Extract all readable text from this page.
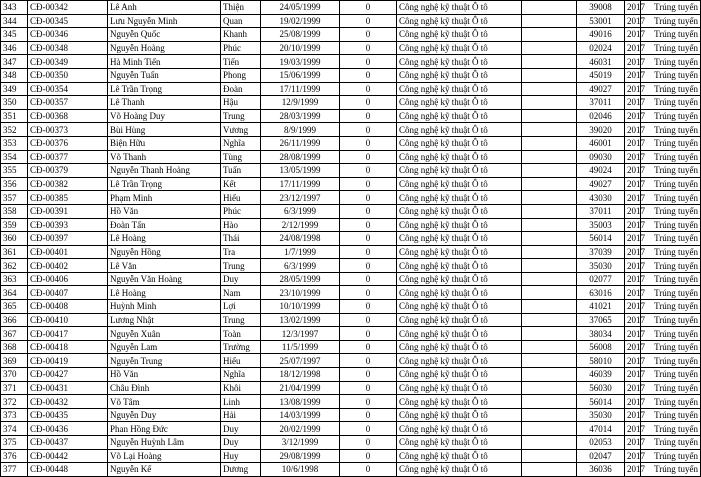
343	CĐ-00342	Lê Anh	Thiện	24/05/1999	0	Công nghệ kỹ thuật Ô tô		39008	2017	Trúng tuyển
344	CĐ-00345	Lưu Nguyễn Minh	Quan	19/02/1999	0	Công nghệ kỹ thuật Ô tô		53001	2017	Trúng tuyển
345	CĐ-00346	Nguyễn Quốc	Khanh	25/08/1999	0	Công nghệ kỹ thuật Ô tô		49016	2017	Trúng tuyển
346	CĐ-00348	Nguyễn Hoàng	Phúc	20/10/1999	0	Công nghệ kỹ thuật Ô tô		02024	2017	Trúng tuyển
347	CĐ-00349	Hà Minh Tiến	Tiến	19/03/1999	0	Công nghệ kỹ thuật Ô tô		46031	2017	Trúng tuyển
348	CĐ-00350	Nguyễn Tuấn	Phong	15/06/1999	0	Công nghệ kỹ thuật Ô tô		45019	2017	Trúng tuyển
349	CĐ-00354	Lê Trần Trọng	Đoàn	17/11/1999	0	Công nghệ kỹ thuật Ô tô		49027	2017	Trúng tuyển
350	CĐ-00357	Lê Thanh	Hậu	12/9/1999	0	Công nghệ kỹ thuật Ô tô		37011	2017	Trúng tuyển
351	CĐ-00368	Võ Hoàng Duy	Trung	28/03/1999	0	Công nghệ kỹ thuật Ô tô		02046	2017	Trúng tuyển
352	CĐ-00373	Bùi Hùng	Vương	8/9/1999	0	Công nghệ kỹ thuật Ô tô		39020	2017	Trúng tuyển
353	CĐ-00376	Biện Hữu	Nghĩa	26/11/1999	0	Công nghệ kỹ thuật Ô tô		46001	2017	Trúng tuyển
354	CĐ-00377	Võ Thanh	Tùng	28/08/1999	0	Công nghệ kỹ thuật Ô tô		09030	2017	Trúng tuyển
355	CĐ-00379	Nguyễn Thanh Hoàng	Tuấn	13/05/1999	0	Công nghệ kỹ thuật Ô tô		49024	2017	Trúng tuyển
356	CĐ-00382	Lê Trần Trọng	Kết	17/11/1999	0	Công nghệ kỹ thuật Ô tô		49027	2017	Trúng tuyển
357	CĐ-00385	Phạm Minh	Hiếu	23/12/1997	0	Công nghệ kỹ thuật Ô tô		43030	2017	Trúng tuyển
358	CĐ-00391	Hồ Văn	Phúc	6/3/1999	0	Công nghệ kỹ thuật Ô tô		37011	2017	Trúng tuyển
359	CĐ-00393	Đoàn Tấn	Hào	2/12/1999	0	Công nghệ kỹ thuật Ô tô		35003	2017	Trúng tuyển
360	CĐ-00397	Lê Hoàng	Thái	24/08/1998	0	Công nghệ kỹ thuật Ô tô		56014	2017	Trúng tuyển
361	CĐ-00401	Nguyễn Hồng	Tra	1/7/1999	0	Công nghệ kỹ thuật Ô tô		37039	2017	Trúng tuyển
362	CĐ-00402	Lê Văn	Trung	6/3/1999	0	Công nghệ kỹ thuật Ô tô		35030	2017	Trúng tuyển
363	CĐ-00406	Nguyễn Văn Hoàng	Duy	28/05/1999	0	Công nghệ kỹ thuật Ô tô		02077	2017	Trúng tuyển
364	CĐ-00407	Lê Hoàng	Nam	23/10/1999	0	Công nghệ kỹ thuật Ô tô		63016	2017	Trúng tuyển
365	CĐ-00408	Huỳnh Minh	Lợi	10/10/1999	0	Công nghệ kỹ thuật Ô tô		41021	2017	Trúng tuyển
366	CĐ-00410	Lương Nhật	Trung	13/02/1999	0	Công nghệ kỹ thuật Ô tô		37065	2017	Trúng tuyển
367	CĐ-00417	Nguyễn Xuân	Toàn	12/3/1997	0	Công nghệ kỹ thuật Ô tô		38034	2017	Trúng tuyển
368	CĐ-00418	Nguyễn Lam	Trường	11/5/1999	0	Công nghệ kỹ thuật Ô tô		56008	2017	Trúng tuyển
369	CĐ-00419	Nguyễn Trung	Hiếu	25/07/1997	0	Công nghệ kỹ thuật Ô tô		58010	2017	Trúng tuyển
370	CĐ-00427	Hồ Văn	Nghĩa	18/12/1998	0	Công nghệ kỹ thuật Ô tô		46039	2017	Trúng tuyển
371	CĐ-00431	Châu Đình	Khôi	21/04/1999	0	Công nghệ kỹ thuật Ô tô		56030	2017	Trúng tuyển
372	CĐ-00432	Võ Tâm	Linh	13/08/1999	0	Công nghệ kỹ thuật Ô tô		56014	2017	Trúng tuyển
373	CĐ-00435	Nguyễn Duy	Hải	14/03/1999	0	Công nghệ kỹ thuật Ô tô		35030	2017	Trúng tuyển
374	CĐ-00436	Phan Hồng Đức	Duy	20/02/1999	0	Công nghệ kỹ thuật Ô tô		47014	2017	Trúng tuyển
375	CĐ-00437	Nguyễn Huỳnh Lâm	Duy	3/12/1999	0	Công nghệ kỹ thuật Ô tô		02053	2017	Trúng tuyển
376	CĐ-00442	Võ Lại Hoàng	Huy	29/08/1999	0	Công nghệ kỹ thuật Ô tô		02047	2017	Trúng tuyển
377	CĐ-00448	Nguyễn Kế	Dương	10/6/1998	0	Công nghệ kỹ thuật Ô tô		36036	2017	Trúng tuyển
